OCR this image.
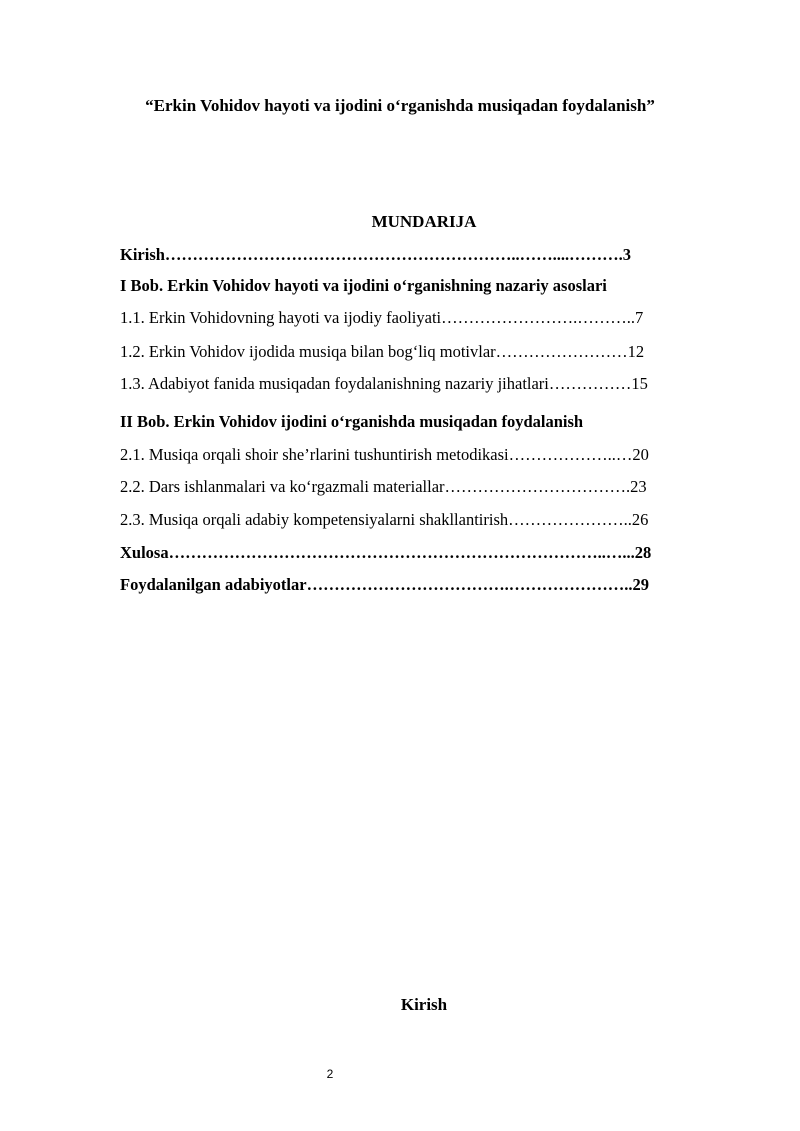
“Erkin Vohidov hayoti va ijodini o‘rganishda musiqadan foydalanish”
MUNDARIJA
Kirish………………………………………………………..……....……….3
I Bob. Erkin Vohidov hayoti va ijodini o‘rganishning nazariy asoslari
1.1. Erkin Vohidovning hayoti va ijodiy faoliyati…………………….………..7
1.2. Erkin Vohidov ijodida musiqa bilan bog‘liq motivlar……………………12
1.3. Adabiyot fanida musiqadan foydalanishning nazariy jihatlari……………15
II Bob. Erkin Vohidov ijodini o‘rganishda musiqadan foydalanish
2.1. Musiqa orqali shoir she’rlarini tushuntirish metodikasi………………..…20
2.2. Dars ishlanmalari va ko‘rgazmali materiallar…………………………….23
2.3. Musiqa orqali adabiy kompetensiyalarni shakllantirish…………………..26
Xulosa……………………………………………………………………..…...28
Foydalanilgan adabiyotlar……………………………….…………………..29
Kirish
2
